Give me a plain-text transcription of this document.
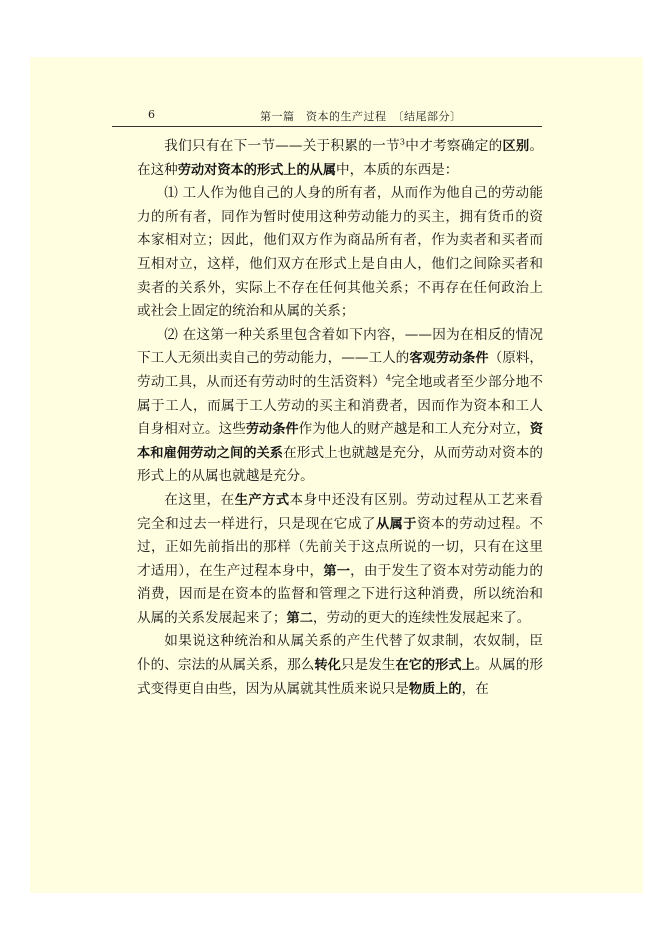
6	第一篇　资本的生产过程　〔结尾部分〕

我们只有在下一节——关于积累的一节$^3$中才考察确定的区别。在这种劳动对资本的形式上的从属中，本质的东西是：

⑴ 工人作为他自己的人身的所有者，从而作为他自己的劳动能力的所有者，同作为暂时使用这种劳动能力的买主，拥有货币的资本家相对立；因此，他们双方作为商品所有者，作为卖者和买者而互相对立，这样，他们双方在形式上是自由人，他们之间除买者和卖者的关系外，实际上不存在任何其他关系；不再存在任何政治上或社会上固定的统治和从属的关系；

⑵ 在这第一种关系里包含着如下内容，——因为在相反的情况下工人无须出卖自己的劳动能力，——工人的客观劳动条件（原料，劳动工具，从而还有劳动时的生活资料）$^4$完全地或者至少部分地不属于工人，而属于工人劳动的买主和消费者，因而作为资本和工人自身相对立。这些劳动条件作为他人的财产越是和工人充分对立，资本和雇佣劳动之间的关系在形式上也就越是充分，从而劳动对资本的形式上的从属也就越是充分。

在这里，在生产方式本身中还没有区别。劳动过程从工艺来看完全和过去一样进行，只是现在它成了从属于资本的劳动过程。不过，正如先前指出的那样（先前关于这点所说的一切，只有在这里才适用），在生产过程本身中，第一，由于发生了资本对劳动能力的消费，因而是在资本的监督和管理之下进行这种消费，所以统治和从属的关系发展起来了；第二，劳动的更大的连续性发展起来了。

如果说这种统治和从属关系的产生代替了奴隶制，农奴制，臣仆的、宗法的从属关系，那么转化只是发生在它的形式上。从属的形式变得更自由些，因为从属就其性质来说只是物质上的，在
